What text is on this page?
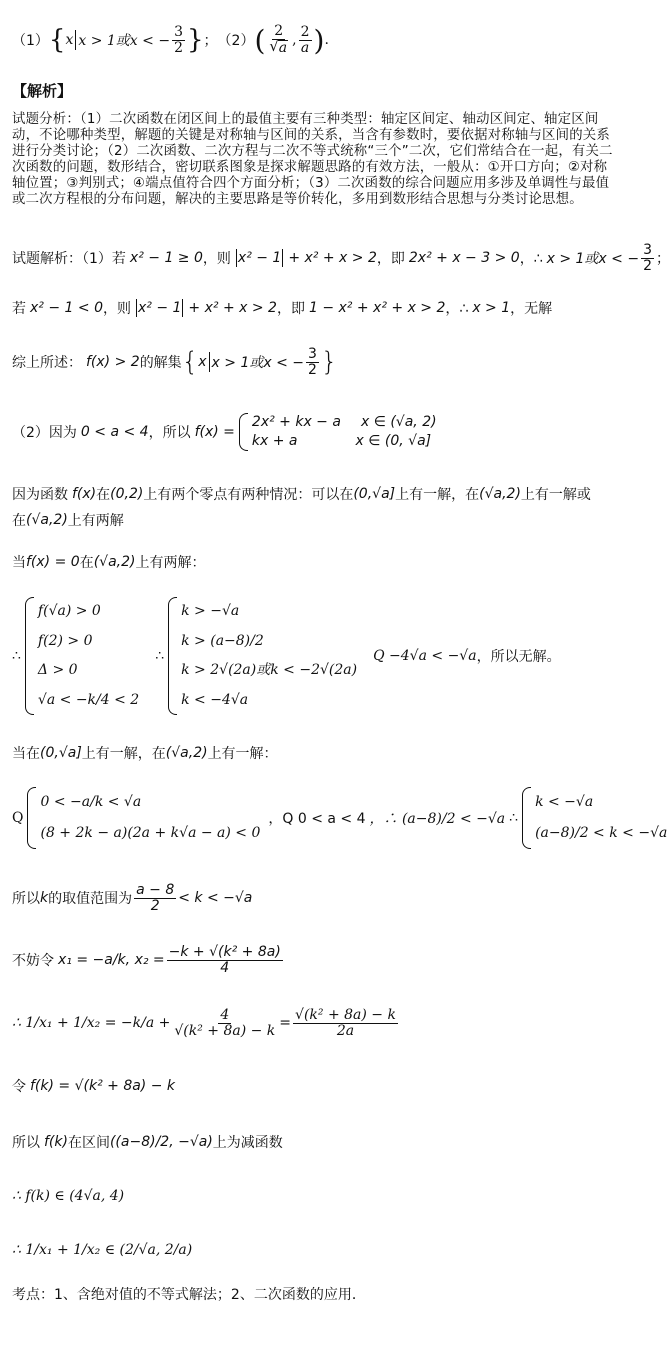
（1） { x x > 1或x < − $\frac{3}{2}$ } ； （2） ( $\frac{2}{√ a}$ , $\frac{2}{a}$ ) .
【解析】
试题分析：（1）二次函数在闭区间上的最值主要有三种类型：轴定区间定、轴动区间定、轴定区间动，不论哪种类型，解题的关键是对称轴与区间的关系，当含有参数时，要依据对称轴与区间的关系进行分类讨论；（2）二次函数、二次方程与二次不等式统称“三个”二次，它们常结合在一起，有关二次函数的问题，数形结合，密切联系图象是探求解题思路的有效方法，一般从：①开口方向；②对称轴位置；③判别式；④端点值符合四个方面分析；（3）二次函数的综合问题应用多涉及单调性与最值或二次方程根的分布问题，解决的主要思路是等价转化，多用到数形结合思想与分类讨论思想。
试题解析：（1）若 x² − 1 ≥ 0 ，则 x² − 1 + x² + x > 2 ，即 2x² + x − 3 > 0 ，∴ x > 1或x < − $\frac{3}{2}$ ；
若 x² − 1 < 0 ，则 x² − 1 + x² + x > 2 ，即 1 − x² + x² + x > 2 ，∴ x > 1 ，无解
综上所述： f(x) > 2 的解集 { x x > 1或x < − $\frac{3}{2}$ }
（2）因为 0 < a < 4 ，所以 f(x) =
2x² + kx − a x ∈ (√a, 2)
kx + a	x ∈ (0, √a]
因为函数 f(x) 在 (0,2) 上有两个零点有两种情况：可以在 (0,√a] 上有一解，在 (√a,2) 上有一解或
在 (√a,2) 上有两解
当 f(x) = 0 在 (√a,2) 上有两解：
∴
f(√a) > 0
f(2) > 0
Δ > 0
√a < −k/4 < 2
∴
k > −√a
k > (a−8)/2
k > 2√(2a)或k < −2√(2a)
k < −4√a
Q −4√a < −√a ，所以无解。
当在 (0,√a] 上有一解，在 (√a,2) 上有一解：
Q
0 < −a/k < √a
(8 + 2k − a)(2a + k√a − a) < 0
，Q 0 < a < 4 ，∴ (a−8)/2 < −√a ∴
k < −√a
(a−8)/2 < k < −√a
所以 k 的取值范围为 $\frac{a - 8}{2} < k < -√a$
不妨令 x₁ = −a/k, $x_2 = \frac{\text{−k + √(k² + 8a)}}{4}$
∴ $1/x_1 + 1/x_2 = -k/a + \frac{4}{\text{√(k² + 8a) − k}} = \frac{\text{√(k² + 8a) − k}}{2a}$
令 f(k) = √(k² + 8a) − k
所以 f(k) 在区间 ((a−8)/2, −√a) 上为减函数
∴ f(k) ∈ (4√a, 4)
∴ 1/x₁ + 1/x₂ ∈ (2/√a, 2/a)
考点：1、含绝对值的不等式解法；2、二次函数的应用．
